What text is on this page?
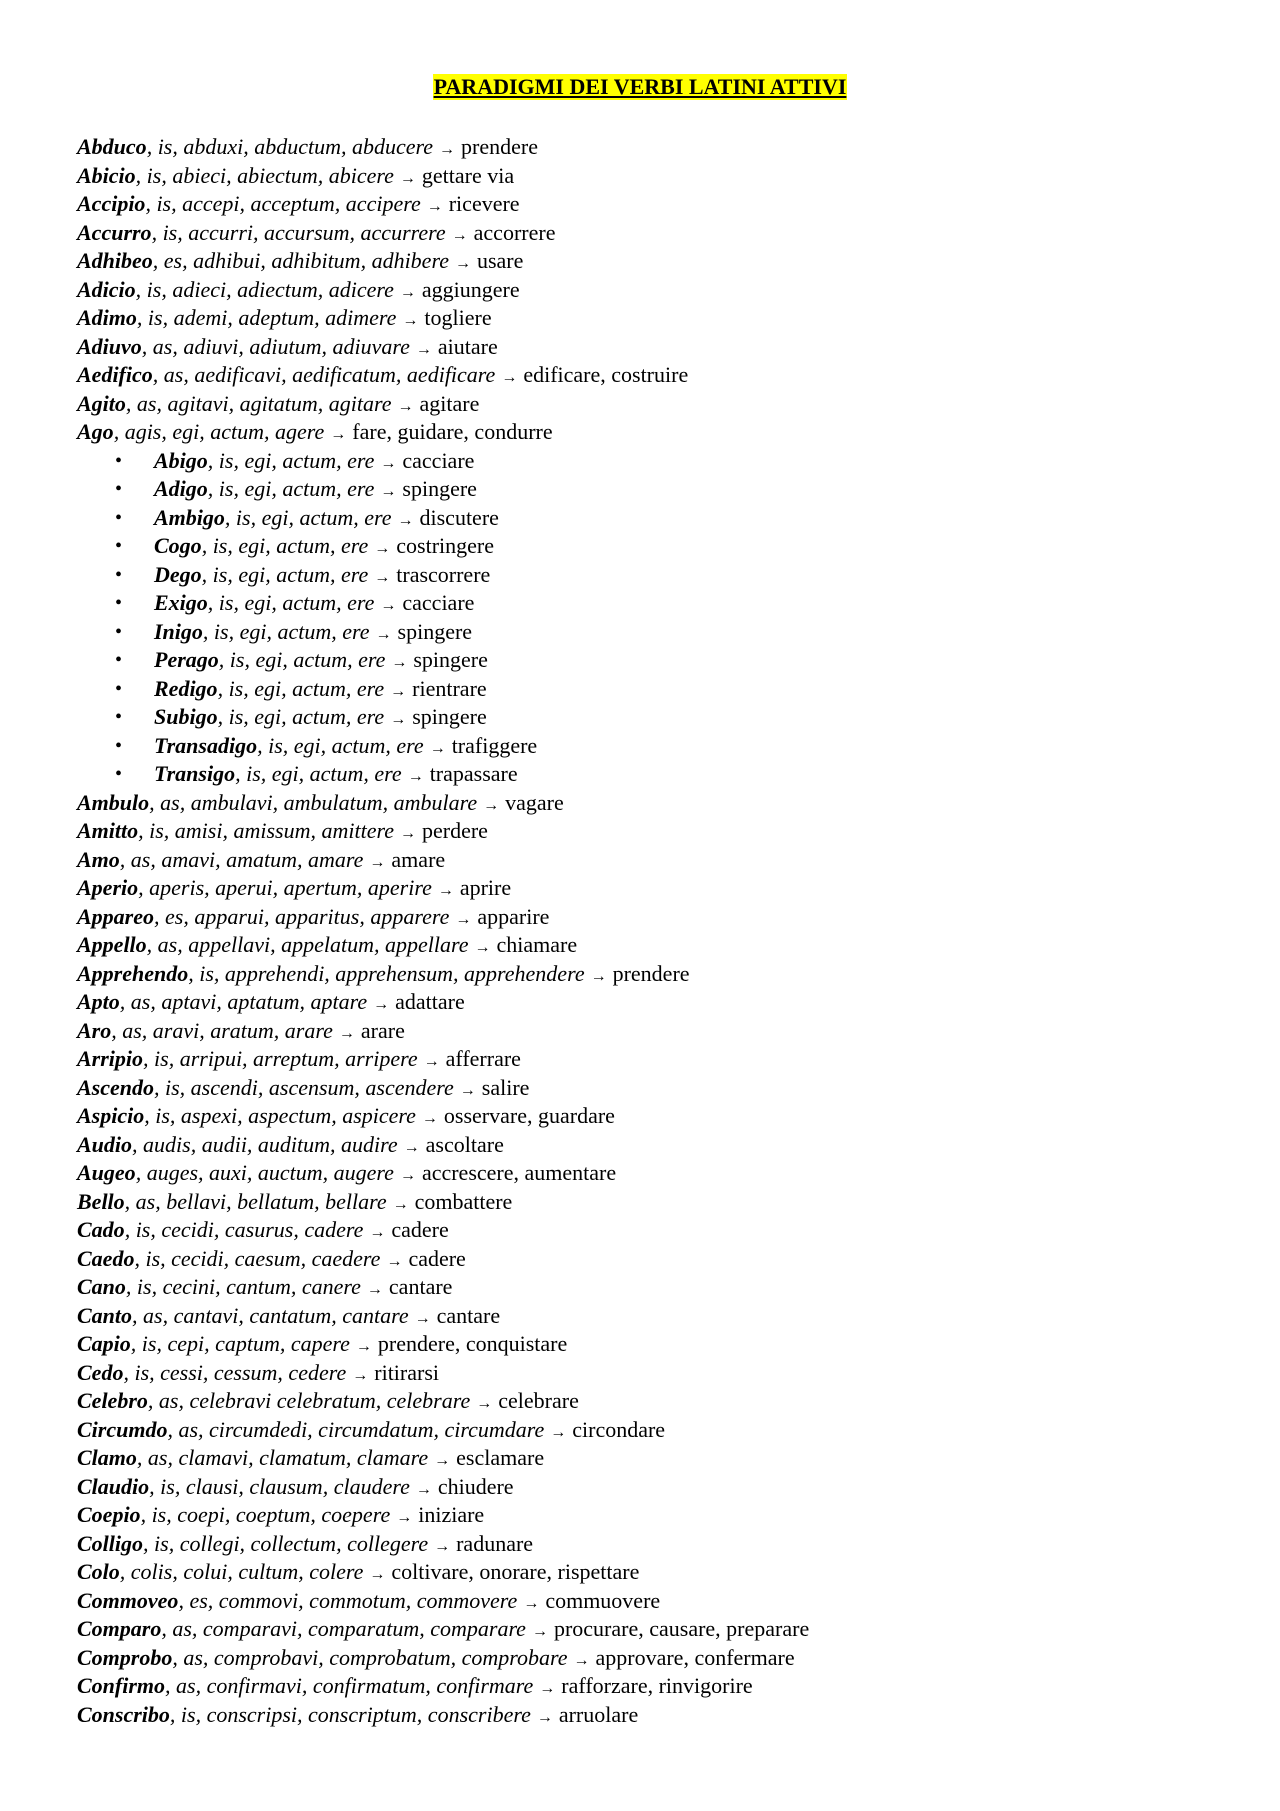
PARADIGMI DEI VERBI LATINI ATTIVI
Abduco, is, abduxi, abductum, abducere → prendere
Abicio, is, abieci, abiectum, abicere → gettare via
Accipio, is, accepi, acceptum, accipere → ricevere
Accurro, is, accurri, accursum, accurrere → accorrere
Adhibeo, es, adhibui, adhibitum, adhibere → usare
Adicio, is, adieci, adiectum, adicere → aggiungere
Adimo, is, ademi, adeptum, adimere → togliere
Adiuvo, as, adiuvi, adiutum, adiuvare → aiutare
Aedifico, as, aedificavi, aedificatum, aedificare → edificare, costruire
Agito, as, agitavi, agitatum, agitare → agitare
Ago, agis, egi, actum, agere → fare, guidare, condurre
• Abigo, is, egi, actum, ere → cacciare
• Adigo, is, egi, actum, ere → spingere
• Ambigo, is, egi, actum, ere → discutere
• Cogo, is, egi, actum, ere → costringere
• Dego, is, egi, actum, ere → trascorrere
• Exigo, is, egi, actum, ere → cacciare
• Inigo, is, egi, actum, ere → spingere
• Perago, is, egi, actum, ere → spingere
• Redigo, is, egi, actum, ere → rientrare
• Subigo, is, egi, actum, ere → spingere
• Transadigo, is, egi, actum, ere → trafiggere
• Transigo, is, egi, actum, ere → trapassare
Ambulo, as, ambulavi, ambulatum, ambulare → vagare
Amitto, is, amisi, amissum, amittere → perdere
Amo, as, amavi, amatum, amare → amare
Aperio, aperis, aperui, apertum, aperire → aprire
Appareo, es, apparui, apparitus, apparere → apparire
Appello, as, appellavi, appelatum, appellare → chiamare
Apprehendo, is, apprehendi, apprehensum, apprehendere → prendere
Apto, as, aptavi, aptatum, aptare → adattare
Aro, as, aravi, aratum, arare → arare
Arripio, is, arripui, arreptum, arripere → afferrare
Ascendo, is, ascendi, ascensum, ascendere → salire
Aspicio, is, aspexi, aspectum, aspicere → osservare, guardare
Audio, audis, audii, auditum, audire → ascoltare
Augeo, auges, auxi, auctum, augere → accrescere, aumentare
Bello, as, bellavi, bellatum, bellare → combattere
Cado, is, cecidi, casurus, cadere → cadere
Caedo, is, cecidi, caesum, caedere → cadere
Cano, is, cecini, cantum, canere → cantare
Canto, as, cantavi, cantatum, cantare → cantare
Capio, is, cepi, captum, capere → prendere, conquistare
Cedo, is, cessi, cessum, cedere → ritirarsi
Celebro, as, celebravi celebratum, celebrare → celebrare
Circumdo, as, circumdedi, circumdatum, circumdare → circondare
Clamo, as, clamavi, clamatum, clamare → esclamare
Claudio, is, clausi, clausum, claudere → chiudere
Coepio, is, coepi, coeptum, coepere → iniziare
Colligo, is, collegi, collectum, collegere → radunare
Colo, colis, colui, cultum, colere → coltivare, onorare, rispettare
Commoveo, es, commovi, commotum, commovere → commuovere
Comparo, as, comparavi, comparatum, comparare → procurare, causare, preparare
Comprobo, as, comprobavi, comprobatum, comprobare → approvare, confermare
Confirmo, as, confirmavi, confirmatum, confirmare → rafforzare, rinvigorire
Conscribo, is, conscripsi, conscriptum, conscribere → arruolare
